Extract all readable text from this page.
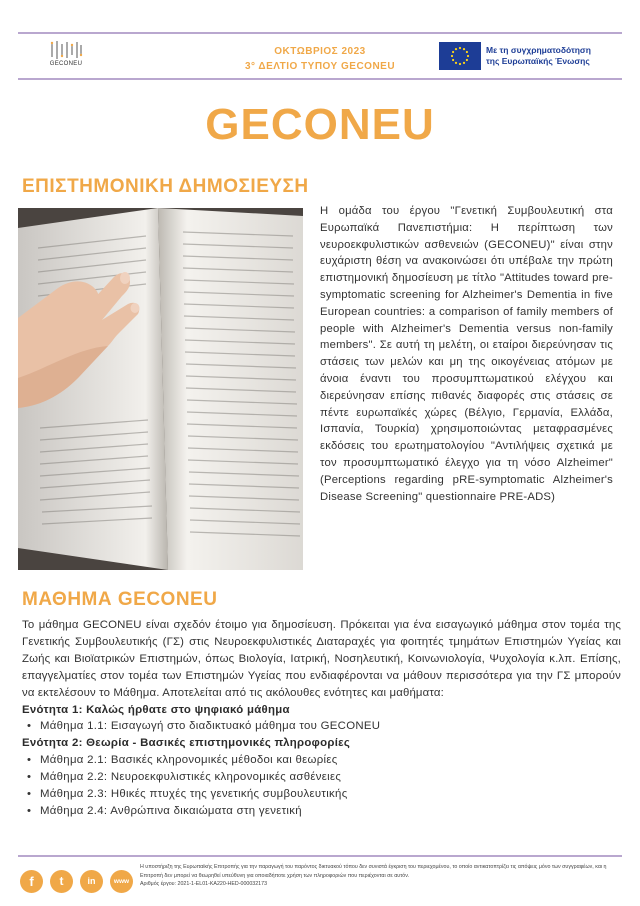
GECONEU
ΟΚΤΩΒΡΙΟΣ 2023
3° ΔΕΛΤΙΟ ΤΥΠΟΥ GECONEU
Με τη συγχρηματοδότηση
της Ευρωπαϊκής Ένωσης
GECONEU
ΕΠΙΣΤΗΜΟΝΙΚΗ ΔΗΜΟΣΙΕΥΣΗ
Η ομάδα του έργου "Γενετική Συμβουλευτική στα Ευρωπαϊκά Πανεπιστήμια: Η περίπτωση των νευροεκφυλιστικών ασθενειών (GECONEU)" είναι στην ευχάριστη θέση να ανακοινώσει ότι υπέβαλε την πρώτη επιστημονική δημοσίευση με τίτλο "Attitudes toward pre-symptomatic screening for Alzheimer's Dementia in five European countries: a comparison of family members of people with Alzheimer's Dementia versus non-family members". Σε αυτή τη μελέτη, οι εταίροι διερεύνησαν τις στάσεις των μελών και μη της οικογένειας ατόμων με άνοια έναντι του προσυμπτωματικού ελέγχου και διερεύνησαν επίσης πιθανές διαφορές στις στάσεις σε πέντε ευρωπαϊκές χώρες (Βέλγιο, Γερμανία, Ελλάδα, Ισπανία, Τουρκία) χρησιμοποιώντας μεταφρασμένες εκδόσεις του ερωτηματολογίου "Αντιλήψεις σχετικά με τον προσυμπτωματικό έλεγχο για τη νόσο Alzheimer" (Perceptions regarding pRE-symptomatic Alzheimer's Disease Screening" questionnaire PRE-ADS)
ΜΑΘΗΜΑ GECONEU
Το μάθημα GECONEU είναι σχεδόν έτοιμο για δημοσίευση. Πρόκειται για ένα εισαγωγικό μάθημα στον τομέα της Γενετικής Συμβουλευτικής (ΓΣ) στις Νευροεκφυλιστικές Διαταραχές για φοιτητές τμημάτων Επιστημών Υγείας και Ζωής και Βιοϊατρικών Επιστημών, όπως Βιολογία, Ιατρική, Νοσηλευτική, Κοινωνιολογία, Ψυχολογία κ.λπ. Επίσης, επαγγελματίες στον τομέα των Επιστημών Υγείας που ενδιαφέρονται να μάθουν περισσότερα για την ΓΣ μπορούν να εκτελέσουν το Μάθημα. Αποτελείται από τις ακόλουθες ενότητες και μαθήματα:
Ενότητα 1: Καλώς ήρθατε στο ψηφιακό μάθημα
• Μάθημα 1.1: Εισαγωγή στο διαδικτυακό μάθημα του GECONEU
Ενότητα 2: Θεωρία - Βασικές επιστημονικές πληροφορίες
• Μάθημα 2.1: Βασικές κληρονομικές μέθοδοι και θεωρίες
• Μάθημα 2.2: Νευροεκφυλιστικές κληρονομικές ασθένειες
• Μάθημα 2.3: Ηθικές πτυχές της γενετικής συμβουλευτικής
• Μάθημα 2.4: Ανθρώπινα δικαιώματα στη γενετική
f	t	in	www
Η υποστήριξη της Ευρωπαϊκής Επιτροπής για την παραγωγή του παρόντος δικτυακού τόπου δεν συνιστά έγκριση του περιεχομένου, το οποίο αντικατοπτρίζει τις απόψεις μόνο των συγγραφέων, και η Επιτροπή δεν μπορεί να θεωρηθεί υπεύθυνη για οποιαδήποτε χρήση των πληροφοριών που περιέχονται σε αυτόν.
Αριθμός έργου: 2021-1-EL01-KA220-HED-000032173
